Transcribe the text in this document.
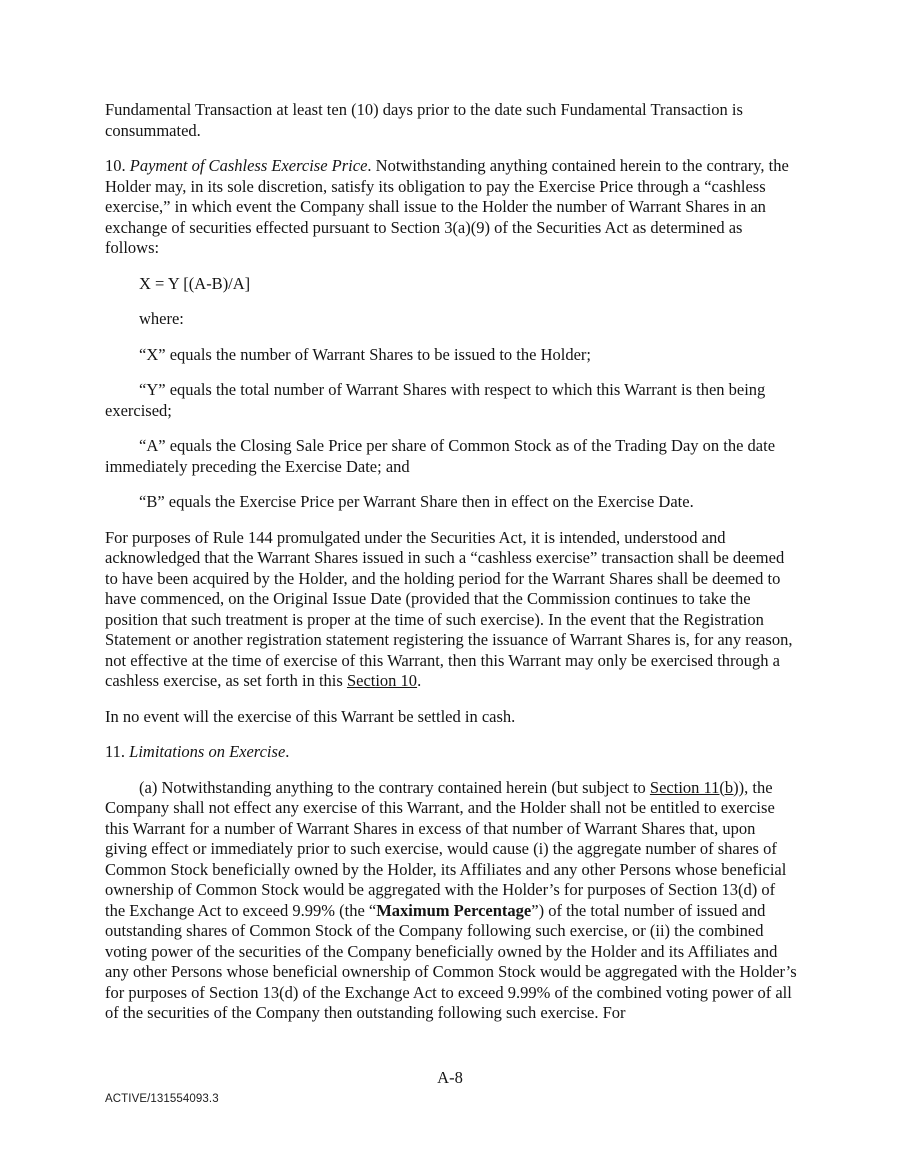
Fundamental Transaction at least ten (10) days prior to the date such Fundamental Transaction is consummated.

10. Payment of Cashless Exercise Price. Notwithstanding anything contained herein to the contrary, the Holder may, in its sole discretion, satisfy its obligation to pay the Exercise Price through a “cashless exercise,” in which event the Company shall issue to the Holder the number of Warrant Shares in an exchange of securities effected pursuant to Section 3(a)(9) of the Securities Act as determined as follows:

X = Y [(A-B)/A]

where:

“X” equals the number of Warrant Shares to be issued to the Holder;

“Y” equals the total number of Warrant Shares with respect to which this Warrant is then being exercised;

“A” equals the Closing Sale Price per share of Common Stock as of the Trading Day on the date immediately preceding the Exercise Date; and

“B” equals the Exercise Price per Warrant Share then in effect on the Exercise Date.

For purposes of Rule 144 promulgated under the Securities Act, it is intended, understood and acknowledged that the Warrant Shares issued in such a “cashless exercise” transaction shall be deemed to have been acquired by the Holder, and the holding period for the Warrant Shares shall be deemed to have commenced, on the Original Issue Date (provided that the Commission continues to take the position that such treatment is proper at the time of such exercise). In the event that the Registration Statement or another registration statement registering the issuance of Warrant Shares is, for any reason, not effective at the time of exercise of this Warrant, then this Warrant may only be exercised through a cashless exercise, as set forth in this Section 10.

In no event will the exercise of this Warrant be settled in cash.

11. Limitations on Exercise.

(a) Notwithstanding anything to the contrary contained herein (but subject to Section 11(b)), the Company shall not effect any exercise of this Warrant, and the Holder shall not be entitled to exercise this Warrant for a number of Warrant Shares in excess of that number of Warrant Shares that, upon giving effect or immediately prior to such exercise, would cause (i) the aggregate number of shares of Common Stock beneficially owned by the Holder, its Affiliates and any other Persons whose beneficial ownership of Common Stock would be aggregated with the Holder’s for purposes of Section 13(d) of the Exchange Act to exceed 9.99% (the “Maximum Percentage”) of the total number of issued and outstanding shares of Common Stock of the Company following such exercise, or (ii) the combined voting power of the securities of the Company beneficially owned by the Holder and its Affiliates and any other Persons whose beneficial ownership of Common Stock would be aggregated with the Holder’s for purposes of Section 13(d) of the Exchange Act to exceed 9.99% of the combined voting power of all of the securities of the Company then outstanding following such exercise. For

A-8
ACTIVE/131554093.3
